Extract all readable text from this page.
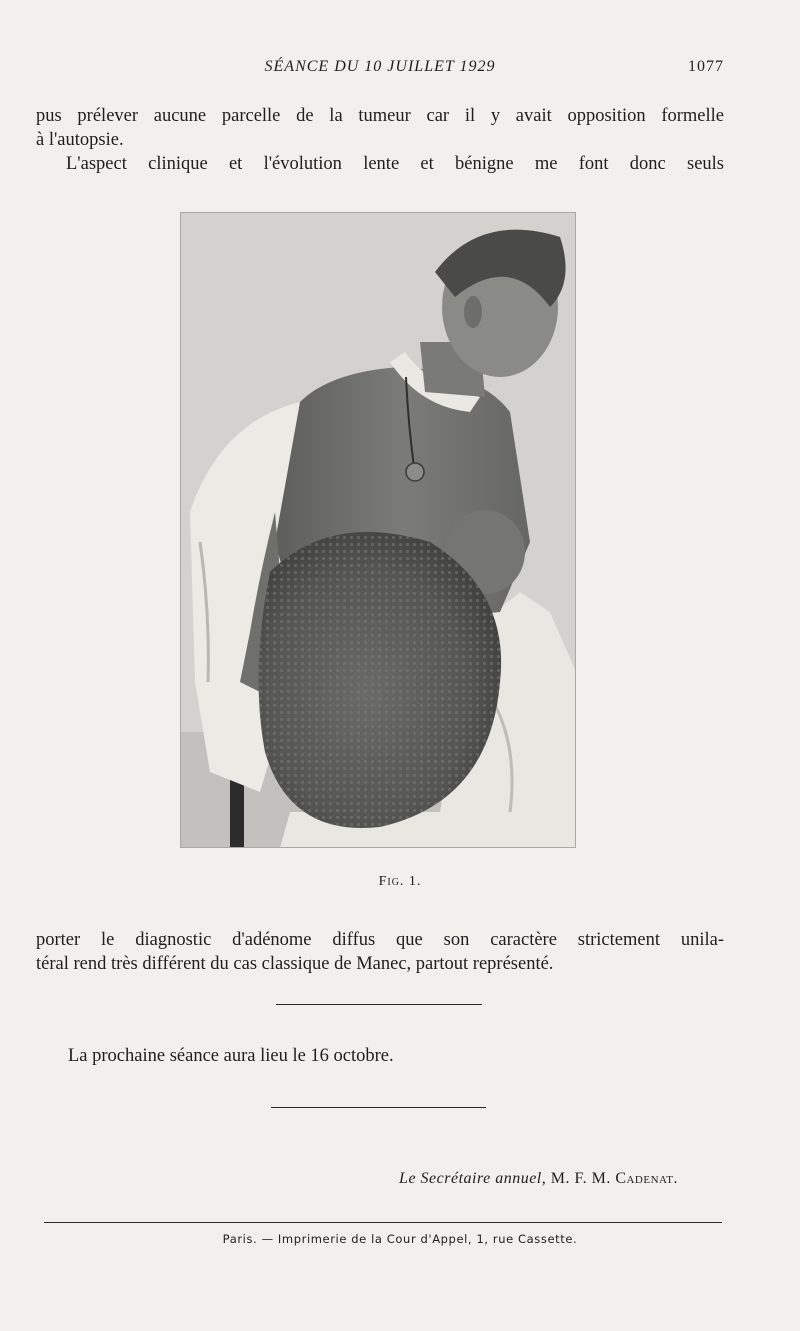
SÉANCE DU 10 JUILLET 1929	1077
pus prélever aucune parcelle de la tumeur car il y avait opposition formelle
à l'autopsie.
L'aspect clinique et l'évolution lente et bénigne me font donc seuls
Fig. 1.
porter le diagnostic d'adénome diffus que son caractère strictement unila-
téral rend très différent du cas classique de Manec, partout représenté.
La prochaine séance aura lieu le 16 octobre.
Le Secrétaire annuel, M. F. M. Cadenat.
Paris. — Imprimerie de la Cour d'Appel, 1, rue Cassette.
